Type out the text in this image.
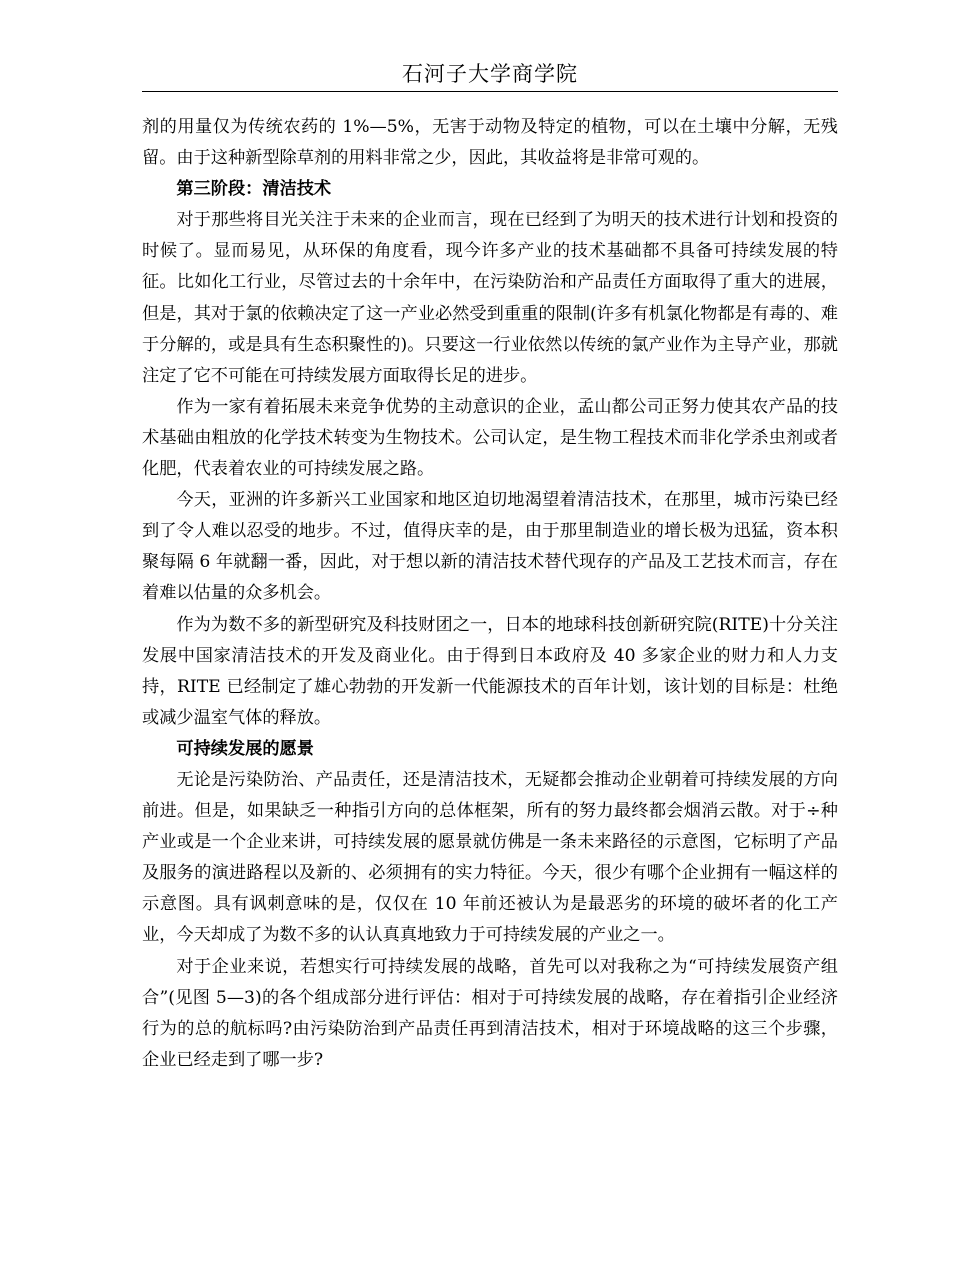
石河子大学商学院

剂的用量仅为传统农药的 1%—5%，无害于动物及特定的植物，可以在土壤中分解，无残留。由于这种新型除草剂的用料非常之少，因此，其收益将是非常可观的。

第三阶段：清洁技术

对于那些将目光关注于未来的企业而言，现在已经到了为明天的技术进行计划和投资的时候了。显而易见，从环保的角度看，现今许多产业的技术基础都不具备可持续发展的特征。比如化工行业，尽管过去的十余年中，在污染防治和产品责任方面取得了重大的进展，但是，其对于氯的依赖决定了这一产业必然受到重重的限制(许多有机氯化物都是有毒的、难于分解的，或是具有生态积聚性的)。只要这一行业依然以传统的氯产业作为主导产业，那就注定了它不可能在可持续发展方面取得长足的进步。

作为一家有着拓展未来竞争优势的主动意识的企业，孟山都公司正努力使其农产品的技术基础由粗放的化学技术转变为生物技术。公司认定，是生物工程技术而非化学杀虫剂或者化肥，代表着农业的可持续发展之路。

今天，亚洲的许多新兴工业国家和地区迫切地渴望着清洁技术，在那里，城市污染已经到了令人难以忍受的地步。不过，值得庆幸的是，由于那里制造业的增长极为迅猛，资本积聚每隔 6 年就翻一番，因此，对于想以新的清洁技术替代现存的产品及工艺技术而言，存在着难以估量的众多机会。

作为为数不多的新型研究及科技财团之一，日本的地球科技创新研究院(RITE)十分关注发展中国家清洁技术的开发及商业化。由于得到日本政府及 40 多家企业的财力和人力支持，RITE 已经制定了雄心勃勃的开发新一代能源技术的百年计划，该计划的目标是：杜绝或减少温室气体的释放。

可持续发展的愿景

无论是污染防治、产品责任，还是清洁技术，无疑都会推动企业朝着可持续发展的方向前进。但是，如果缺乏一种指引方向的总体框架，所有的努力最终都会烟消云散。对于÷种产业或是一个企业来讲，可持续发展的愿景就仿佛是一条未来路径的示意图，它标明了产品及服务的演进路程以及新的、必须拥有的实力特征。今天，很少有哪个企业拥有一幅这样的示意图。具有讽刺意味的是，仅仅在 10 年前还被认为是最恶劣的环境的破坏者的化工产业，今天却成了为数不多的认认真真地致力于可持续发展的产业之一。

对于企业来说，若想实行可持续发展的战略，首先可以对我称之为“可持续发展资产组合”(见图 5—3)的各个组成部分进行评估：相对于可持续发展的战略，存在着指引企业经济行为的总的航标吗?由污染防治到产品责任再到清洁技术，相对于环境战略的这三个步骤，企业已经走到了哪一步?
